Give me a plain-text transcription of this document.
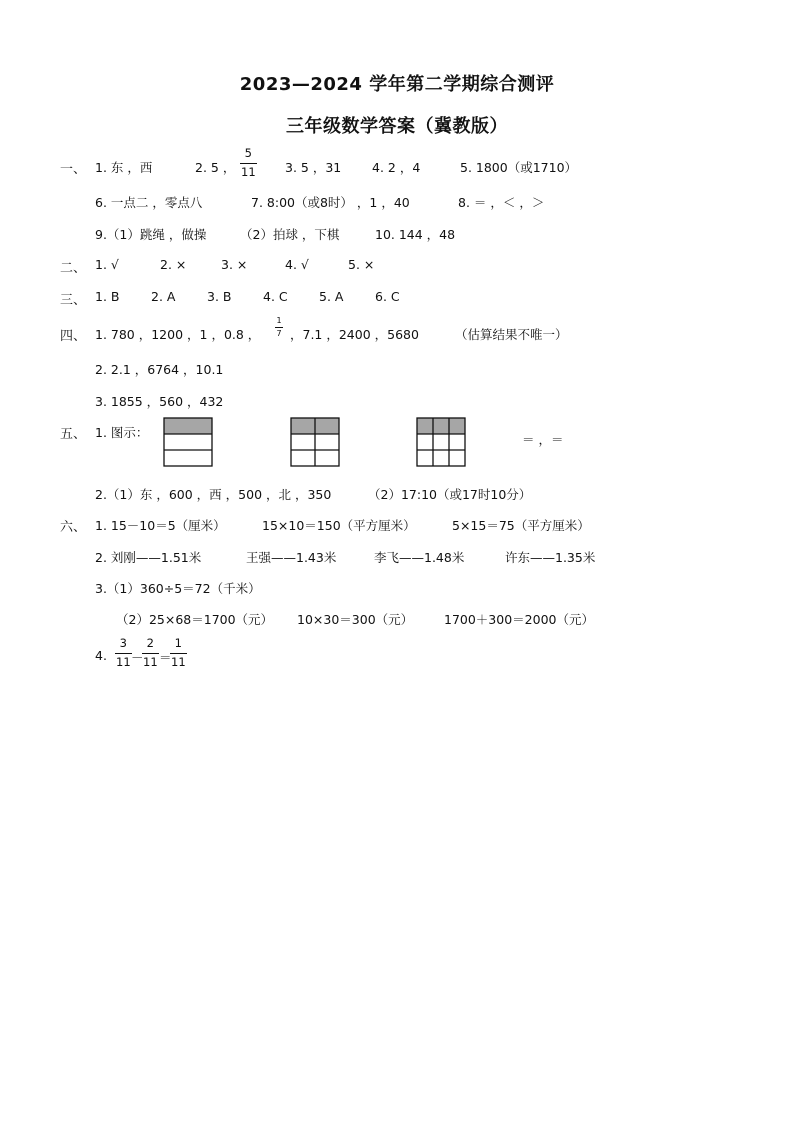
2023—2024 学年第二学期综合测评
三年级数学答案（冀教版）
一、 1. 东 ，西	2. 5 ，
5
11 3. 5 ，31 4. 2 ，4	5. 1800（或1710）
6. 一点二 ，零点八	7. 8:00（或8时） ，1 ，40	8. ＝ ，＜ ，＞
9.（1）跳绳 ，做操	（2）拍球 ，下棋	10. 144 ，48
二、 1. √	2. ×	3. ×	4. √	5. ×
三、 1. B	2. A	3. B	4. C	5. A	6. C
四、 1. 780 ，1200 ，1 ，0.8 ，
1
7 ，7.1 ，2400 ，5680	（估算结果不唯一）
2. 2.1 ，6764 ，10.1
3. 1855 ，560 ，432
五、 1. 图示：	＝ ，＝
2.（1）东 ，600 ，西 ，500 ，北 ，350	（2）17:10（或17时10分）
六、 1. 15－10＝5（厘米）	15×10＝150（平方厘米）	5×15＝75（平方厘米）
2. 刘刚——1.51米	王强——1.43米	李飞——1.48米	许东——1.35米
3.（1）360÷5＝72（千米）
（2）25×68＝1700（元） 10×30＝300（元） 1700＋300＝2000（元）
4.
3
11 －
2
11 ＝
1
11
